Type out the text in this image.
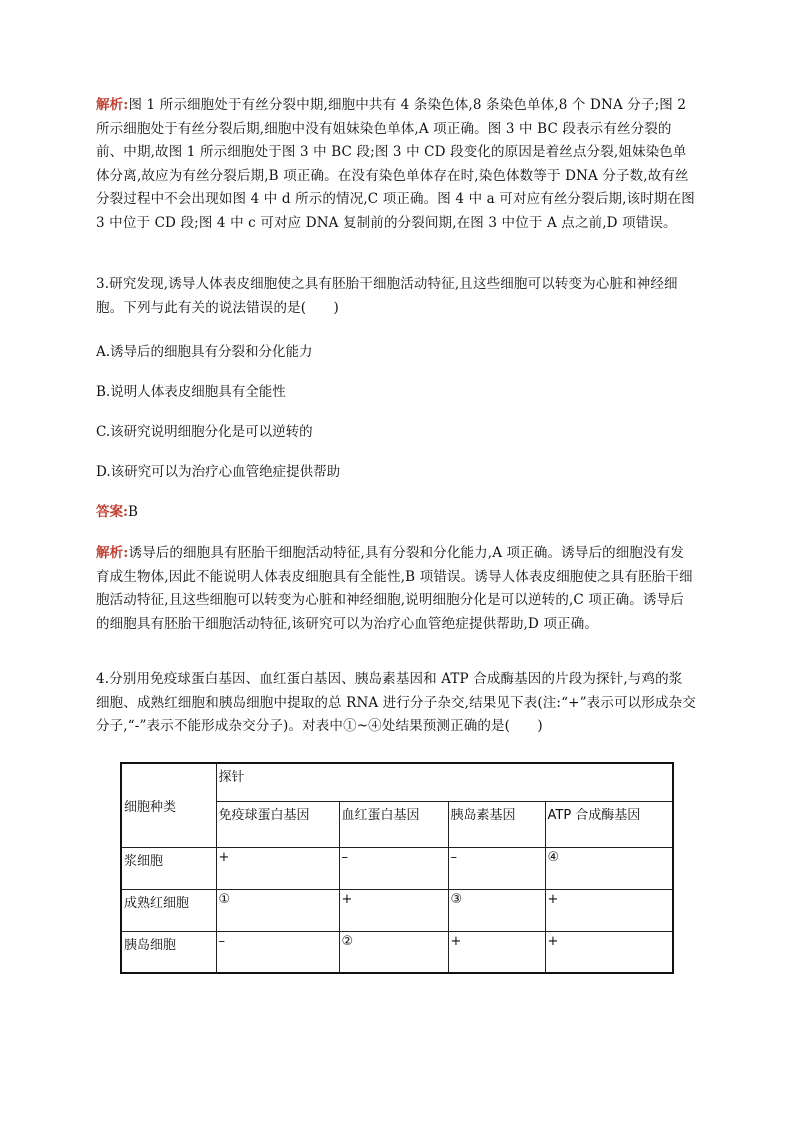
解析:图 1 所示细胞处于有丝分裂中期,细胞中共有 4 条染色体,8 条染色单体,8 个 DNA 分子;图 2 所示细胞处于有丝分裂后期,细胞中没有姐妹染色单体,A 项正确。图 3 中 BC 段表示有丝分裂的前、中期,故图 1 所示细胞处于图 3 中 BC 段;图 3 中 CD 段变化的原因是着丝点分裂,姐妹染色单体分离,故应为有丝分裂后期,B 项正确。在没有染色单体存在时,染色体数等于 DNA 分子数,故有丝分裂过程中不会出现如图 4 中 d 所示的情况,C 项正确。图 4 中 a 可对应有丝分裂后期,该时期在图 3 中位于 CD 段;图 4 中 c 可对应 DNA 复制前的分裂间期,在图 3 中位于 A 点之前,D 项错误。
3.研究发现,诱导人体表皮细胞使之具有胚胎干细胞活动特征,且这些细胞可以转变为心脏和神经细胞。下列与此有关的说法错误的是(　　)
A.诱导后的细胞具有分裂和分化能力
B.说明人体表皮细胞具有全能性
C.该研究说明细胞分化是可以逆转的
D.该研究可以为治疗心血管绝症提供帮助
答案:B
解析:诱导后的细胞具有胚胎干细胞活动特征,具有分裂和分化能力,A 项正确。诱导后的细胞没有发育成生物体,因此不能说明人体表皮细胞具有全能性,B 项错误。诱导人体表皮细胞使之具有胚胎干细胞活动特征,且这些细胞可以转变为心脏和神经细胞,说明细胞分化是可以逆转的,C 项正确。诱导后的细胞具有胚胎干细胞活动特征,该研究可以为治疗心血管绝症提供帮助,D 项正确。
4.分别用免疫球蛋白基因、血红蛋白基因、胰岛素基因和 ATP 合成酶基因的片段为探针,与鸡的浆细胞、成熟红细胞和胰岛细胞中提取的总 RNA 进行分子杂交,结果见下表(注:“+”表示可以形成杂交分子,“-”表示不能形成杂交分子)。对表中①~④处结果预测正确的是(　　)
细胞种类	探针			

	免疫球蛋白基因	血红蛋白基因	胰岛素基因	ATP 合成酶基因

浆细胞	+	–	–	④

成熟红细胞	①	+	③	+

胰岛细胞	–	②	+	+
